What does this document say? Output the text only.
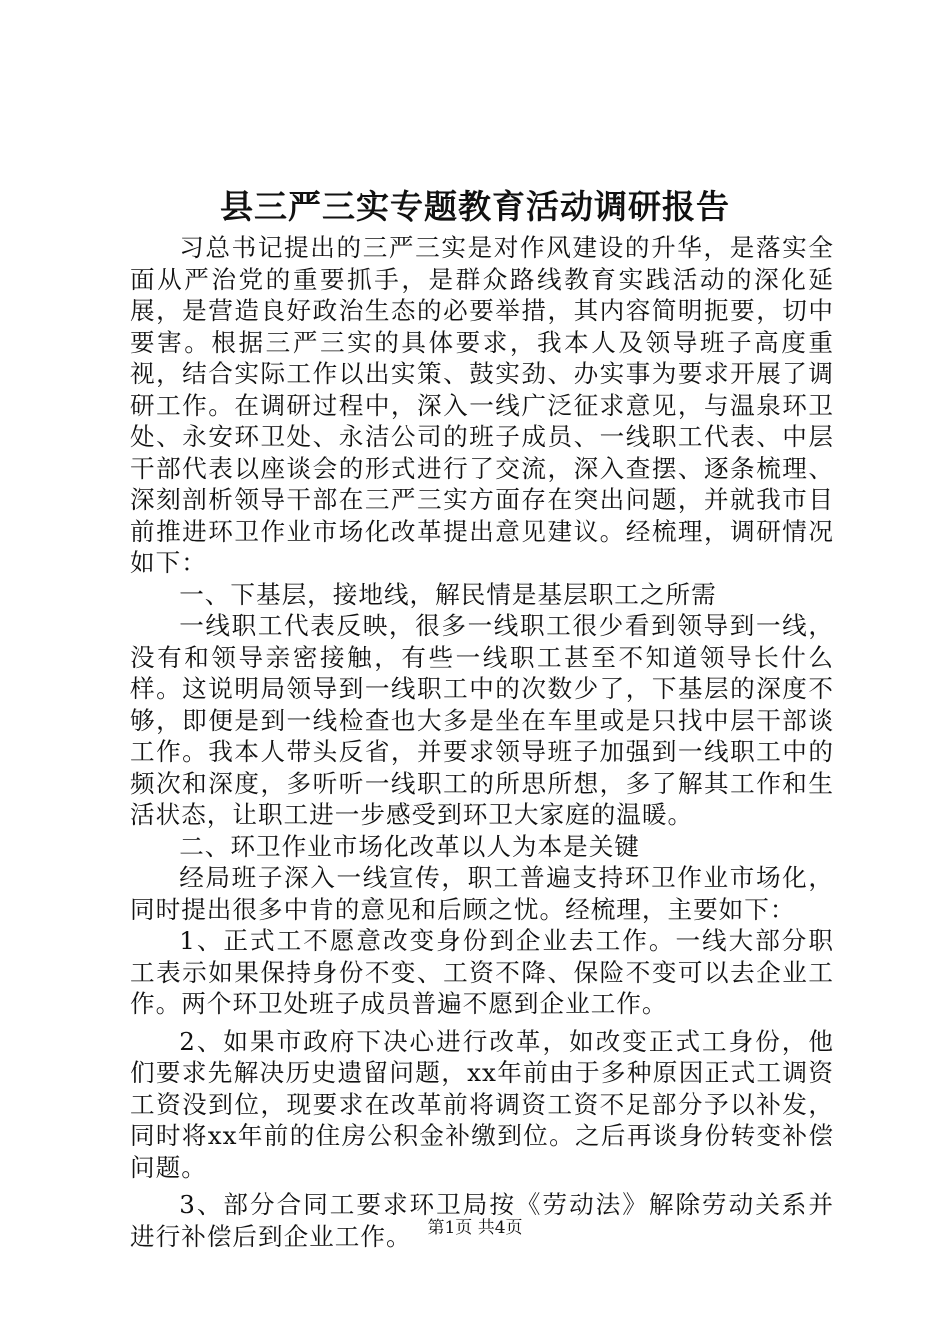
县三严三实专题教育活动调研报告

习总书记提出的三严三实是对作风建设的升华，是落实全面从严治党的重要抓手，是群众路线教育实践活动的深化延展，是营造良好政治生态的必要举措，其内容简明扼要，切中要害。根据三严三实的具体要求，我本人及领导班子高度重视，结合实际工作以出实策、鼓实劲、办实事为要求开展了调研工作。在调研过程中，深入一线广泛征求意见，与温泉环卫处、永安环卫处、永洁公司的班子成员、一线职工代表、中层干部代表以座谈会的形式进行了交流，深入查摆、逐条梳理、深刻剖析领导干部在三严三实方面存在突出问题，并就我市目前推进环卫作业市场化改革提出意见建议。经梳理，调研情况如下：

一、下基层，接地线，解民情是基层职工之所需

一线职工代表反映，很多一线职工很少看到领导到一线，没有和领导亲密接触，有些一线职工甚至不知道领导长什么样。这说明局领导到一线职工中的次数少了，下基层的深度不够，即便是到一线检查也大多是坐在车里或是只找中层干部谈工作。我本人带头反省，并要求领导班子加强到一线职工中的频次和深度，多听听一线职工的所思所想，多了解其工作和生活状态，让职工进一步感受到环卫大家庭的温暖。

二、环卫作业市场化改革以人为本是关键

经局班子深入一线宣传，职工普遍支持环卫作业市场化，同时提出很多中肯的意见和后顾之忧。经梳理，主要如下：

1、正式工不愿意改变身份到企业去工作。一线大部分职工表示如果保持身份不变、工资不降、保险不变可以去企业工作。两个环卫处班子成员普遍不愿到企业工作。

2、如果市政府下决心进行改革，如改变正式工身份，他们要求先解决历史遗留问题，xx年前由于多种原因正式工调资工资没到位，现要求在改革前将调资工资不足部分予以补发，同时将xx年前的住房公积金补缴到位。之后再谈身份转变补偿问题。

3、部分合同工要求环卫局按《劳动法》解除劳动关系并进行补偿后到企业工作。 第1页 共4页
